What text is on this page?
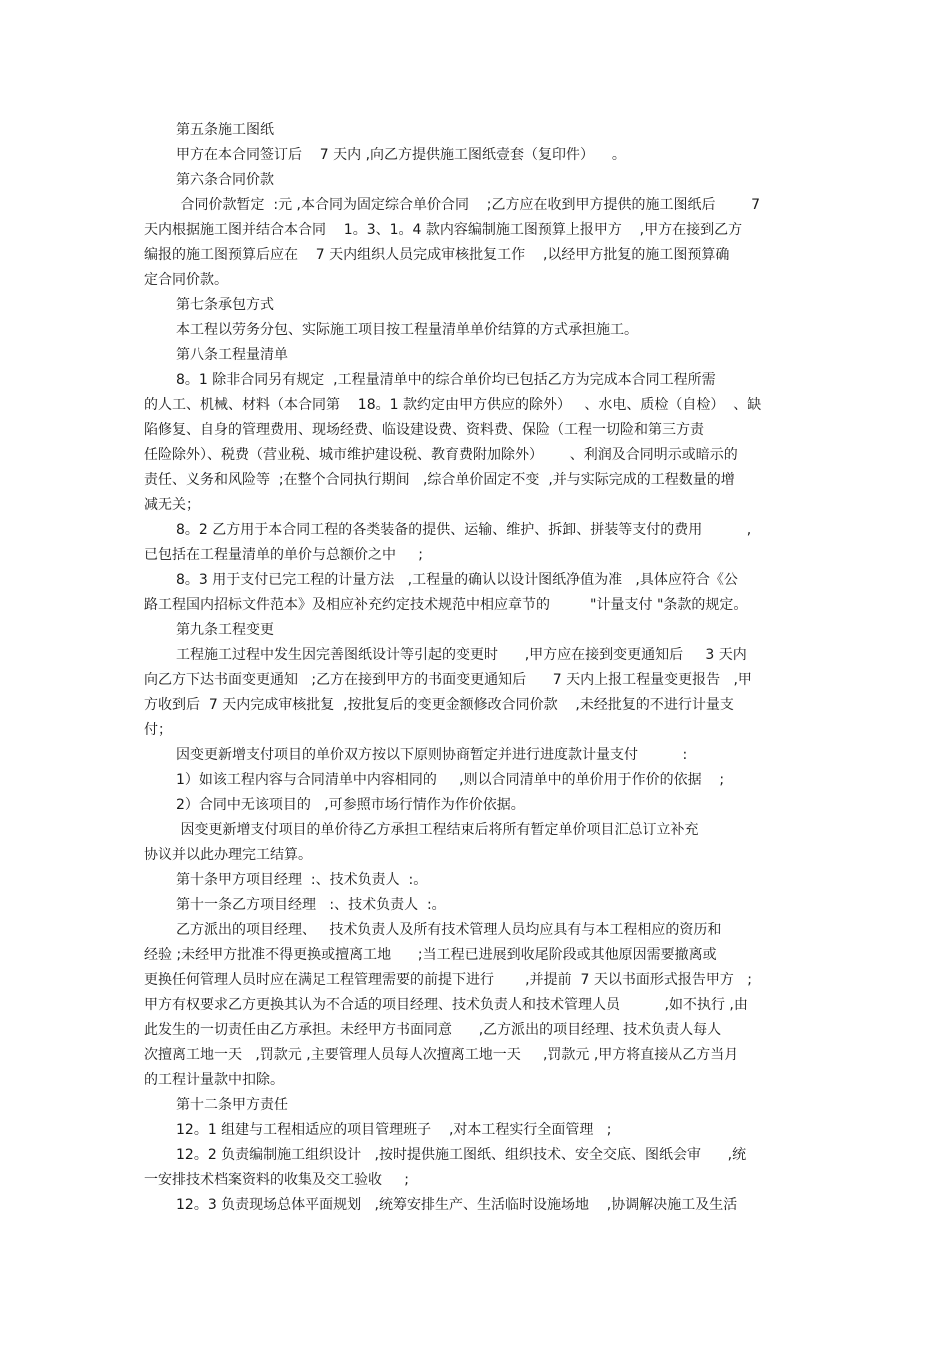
第五条施工图纸
甲方在本合同签订后    7 天内 ,向乙方提供施工图纸壹套（复印件）    。
第六条合同价款
合同价款暂定  :元 ,本合同为固定综合单价合同    ;乙方应在收到甲方提供的施工图纸后        7
天内根据施工图并结合本合同    1。3、1。4 款内容编制施工图预算上报甲方    ,甲方在接到乙方
编报的施工图预算后应在    7 天内组织人员完成审核批复工作    ,以经甲方批复的施工图预算确
定合同价款。
第七条承包方式
本工程以劳务分包、实际施工项目按工程量清单单价结算的方式承担施工。
第八条工程量清单
8。1 除非合同另有规定  ,工程量清单中的综合单价均已包括乙方为完成本合同工程所需
的人工、机械、材料（本合同第    18。1 款约定由甲方供应的除外）   、水电、质检（自检）  、缺
陷修复、自身的管理费用、现场经费、临设建设费、资料费、保险（工程一切险和第三方责
任险除外）、税费（营业税、城市维护建设税、教育费附加除外）      、利润及合同明示或暗示的
责任、义务和风险等  ;在整个合同执行期间   ,综合单价固定不变  ,并与实际完成的工程数量的增
减无关；
8。2 乙方用于本合同工程的各类装备的提供、运输、维护、拆卸、拼装等支付的费用          ,
已包括在工程量清单的单价与总额价之中     ;
8。3 用于支付已完工程的计量方法   ,工程量的确认以设计图纸净值为准   ,具体应符合《公
路工程国内招标文件范本》及相应补充约定技术规范中相应章节的         "计量支付 "条款的规定。
第九条工程变更
工程施工过程中发生因完善图纸设计等引起的变更时      ,甲方应在接到变更通知后     3 天内
向乙方下达书面变更通知   ;乙方在接到甲方的书面变更通知后      7 天内上报工程量变更报告   ,甲
方收到后  7 天内完成审核批复  ,按批复后的变更金额修改合同价款    ,未经批复的不进行计量支
付；
因变更新增支付项目的单价双方按以下原则协商暂定并进行进度款计量支付          :
1）如该工程内容与合同清单中内容相同的     ,则以合同清单中的单价用于作价的依据    ;
2）合同中无该项目的   ,可参照市场行情作为作价依据。
因变更新增支付项目的单价待乙方承担工程结束后将所有暂定单价项目汇总订立补充
协议并以此办理完工结算。
第十条甲方项目经理  :、技术负责人  :。
第十一条乙方项目经理   :、技术负责人  :。
乙方派出的项目经理、   技术负责人及所有技术管理人员均应具有与本工程相应的资历和
经验 ;未经甲方批准不得更换或擅离工地      ;当工程已进展到收尾阶段或其他原因需要撤离或
更换任何管理人员时应在满足工程管理需要的前提下进行       ,并提前  7 天以书面形式报告甲方   ;
甲方有权要求乙方更换其认为不合适的项目经理、技术负责人和技术管理人员          ,如不执行 ,由
此发生的一切责任由乙方承担。未经甲方书面同意      ,乙方派出的项目经理、技术负责人每人
次擅离工地一天   ,罚款元 ,主要管理人员每人次擅离工地一天     ,罚款元 ,甲方将直接从乙方当月
的工程计量款中扣除。
第十二条甲方责任
12。1 组建与工程相适应的项目管理班子    ,对本工程实行全面管理   ;
12。2 负责编制施工组织设计   ,按时提供施工图纸、组织技术、安全交底、图纸会审      ,统
一安排技术档案资料的收集及交工验收     ;
12。3 负责现场总体平面规划   ,统筹安排生产、生活临时设施场地    ,协调解决施工及生活
